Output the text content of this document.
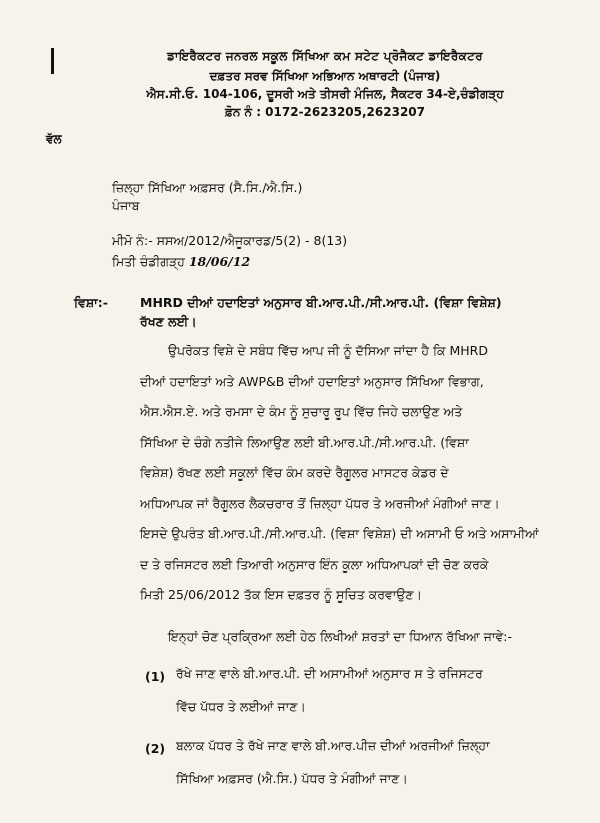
ਡਾਇਰੈਕਟਰ ਜਨਰਲ ਸਕੂਲ ਸਿੱਖਿਆ ਕਮ ਸਟੇਟ ਪ੍ਰੋਜੈਕਟ ਡਾਇਰੈਕਟਰ
ਦਫ਼ਤਰ ਸਰਵ ਸਿੱਖਿਆ ਅਭਿਆਨ ਅਥਾਰਟੀ (ਪੰਜਾਬ)
ਐਸ.ਸੀ.ਓ. 104-106, ਦੂਸਰੀ ਅਤੇ ਤੀਸਰੀ ਮੰਜਿਲ, ਸੈਕਟਰ 34-ਏ,ਚੰਡੀਗੜ੍ਹ
ਫ਼ੋਨ ਨੰ : 0172-2623205,2623207
ਵੱਲ
ਜ਼ਿਲ੍ਹਾ ਸਿੱਖਿਆ ਅਫ਼ਸਰ (ਸੈ.ਸਿ./ਐ.ਸਿ.)
ਪੰਜਾਬ
ਮੀਮੋ ਨੰ:- ਸਸਅ/2012/ਐਜੂਕਾਰਡ/5(2) - 8(13)
ਮਿਤੀ ਚੰਡੀਗੜ੍ਹ 18/06/12
ਵਿਸ਼ਾ:-	MHRD ਦੀਆਂ ਹਦਾਇਤਾਂ ਅਨੁਸਾਰ ਬੀ.ਆਰ.ਪੀ./ਸੀ.ਆਰ.ਪੀ. (ਵਿਸ਼ਾ ਵਿਸ਼ੇਸ਼)
ਰੱਖਣ ਲਈ।
ਉਪਰੋਕਤ ਵਿਸ਼ੇ ਦੇ ਸਬੰਧ ਵਿੱਚ ਆਪ ਜੀ ਨੂੰ ਦੱਸਿਆ ਜਾਂਦਾ ਹੈ ਕਿ MHRD
ਦੀਆਂ ਹਦਾਇਤਾਂ ਅਤੇ AWP&B ਦੀਆਂ ਹਦਾਇਤਾਂ ਅਨੁਸਾਰ ਸਿੱਖਿਆ ਵਿਭਾਗ,
ਐਸ.ਐਸ.ਏ. ਅਤੇ ਰਮਸਾ ਦੇ ਕੰਮ ਨੂੰ ਸੁਚਾਰੂ ਰੂਪ ਵਿੱਚ ਜਿਹੇ ਚਲਾਉਣ ਅਤੇ
ਸਿੱਖਿਆ ਦੇ ਚੰਗੇ ਨਤੀਜੇ ਲਿਆਉਣ ਲਈ ਬੀ.ਆਰ.ਪੀ./ਸੀ.ਆਰ.ਪੀ. (ਵਿਸ਼ਾ
ਵਿਸ਼ੇਸ਼) ਰੱਖਣ ਲਈ ਸਕੂਲਾਂ ਵਿੱਚ ਕੰਮ ਕਰਦੇ ਰੈਗੂਲਰ ਮਾਸਟਰ ਕੇਡਰ ਦੇ
ਅਧਿਆਪਕ ਜਾਂ ਰੈਗੂਲਰ ਲੈਕਚਰਾਰ ਤੋਂ ਜ਼ਿਲ੍ਹਾ ਪੱਧਰ ਤੇ ਅਰਜੀਆਂ ਮੰਗੀਆਂ ਜਾਣ।
ਇਸਦੇ ਉਪਰੰਤ ਬੀ.ਆਰ.ਪੀ./ਸੀ.ਆਰ.ਪੀ. (ਵਿਸ਼ਾ ਵਿਸ਼ੇਸ਼) ਦੀ ਅਸਾਮੀ ਓ ਅਤੇ ਅਸਾਮੀਆਂ
ਦ ਤੇ ਰਜਿਸਟਰ ਲਈ ਤਿਆਰੀ ਅਨੁਸਾਰ ਇੰਨ ਕੂਲਾ ਅਧਿਆਪਕਾਂ ਦੀ ਚੋਣ ਕਰਕੇ
ਮਿਤੀ 25/06/2012 ਤੱਕ ਇਸ ਦਫ਼ਤਰ ਨੂੰ ਸੂਚਿਤ ਕਰਵਾਉਣ।
ਇਨ੍ਹਾਂ ਚੋਣ ਪ੍ਰਕ੍ਰਿਆ ਲਈ ਹੇਠ ਲਿਖੀਆਂ ਸ਼ਰਤਾਂ ਦਾ ਧਿਆਨ ਰੱਖਿਆ ਜਾਵੇ:-
(1) ਰੱਖੇ ਜਾਣ ਵਾਲੇ ਬੀ.ਆਰ.ਪੀ. ਦੀ ਅਸਾਮੀਆਂ ਅਨੁਸਾਰ ਸ ਤੇ ਰਜਿਸਟਰ
ਵਿੱਚ ਪੱਧਰ ਤੇ ਲਈਆਂ ਜਾਣ।
(2) ਬਲਾਕ ਪੱਧਰ ਤੇ ਰੱਖੇ ਜਾਣ ਵਾਲੇ ਬੀ.ਆਰ.ਪੀਜ਼ ਦੀਆਂ ਅਰਜੀਆਂ ਜ਼ਿਲ੍ਹਾ
ਸਿੱਖਿਆ ਅਫ਼ਸਰ (ਐ.ਸਿ.) ਪੱਧਰ ਤੇ ਮੰਗੀਆਂ ਜਾਣ।
